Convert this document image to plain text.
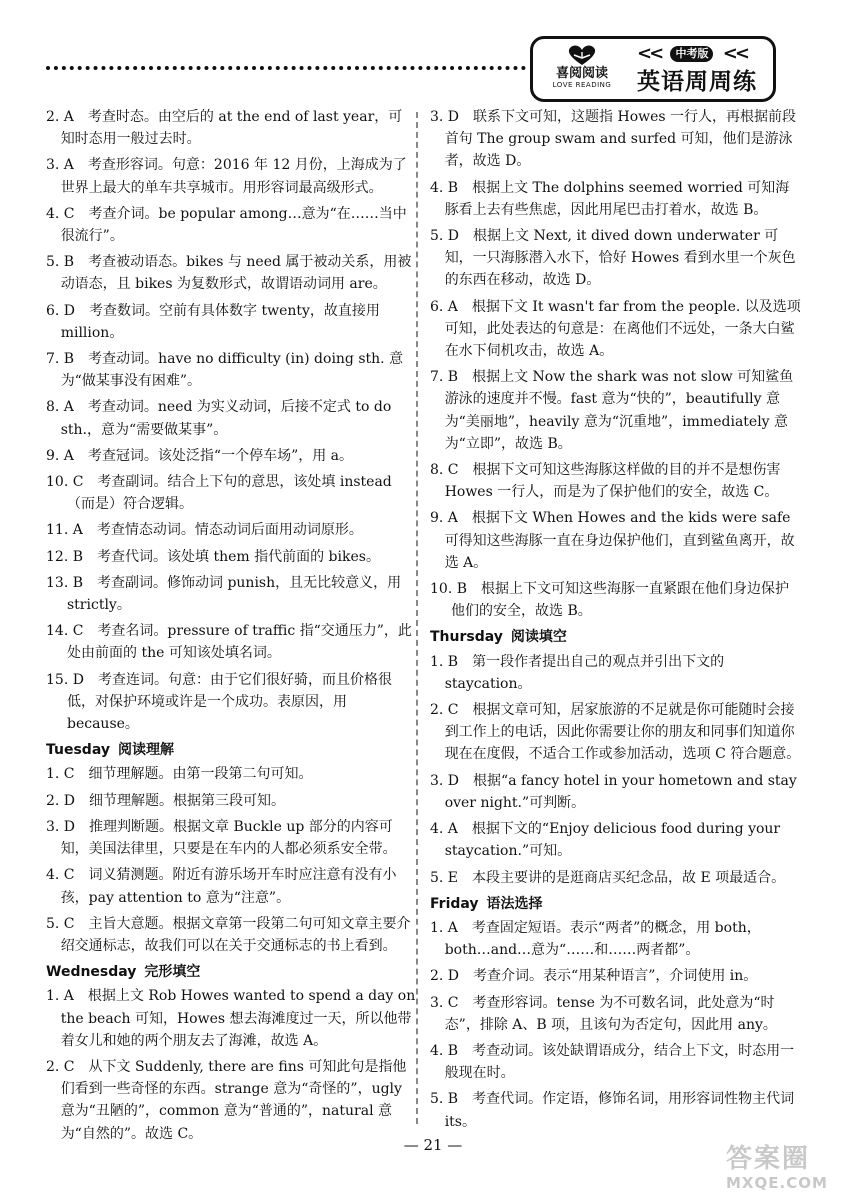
喜阅阅读
LOVE READING
<< 中考版 <<
英语周周练
2. A　考查时态。由空后的 at the end of last year，可知时态用一般过去时。
3. A　考查形容词。句意：2016 年 12 月份，上海成为了世界上最大的单车共享城市。用形容词最高级形式。
4. C　考查介词。be popular among…意为“在……当中很流行”。
5. B　考查被动语态。bikes 与 need 属于被动关系，用被动语态，且 bikes 为复数形式，故谓语动词用 are。
6. D　考查数词。空前有具体数字 twenty，故直接用 million。
7. B　考查动词。have no difficulty (in) doing sth. 意为“做某事没有困难”。
8. A　考查动词。need 为实义动词，后接不定式 to do sth.，意为“需要做某事”。
9. A　考查冠词。该处泛指“一个停车场”，用 a。
10. C　考查副词。结合上下句的意思，该处填 instead（而是）符合逻辑。
11. A　考查情态动词。情态动词后面用动词原形。
12. B　考查代词。该处填 them 指代前面的 bikes。
13. B　考查副词。修饰动词 punish，且无比较意义，用 strictly。
14. C　考查名词。pressure of traffic 指“交通压力”，此处由前面的 the 可知该处填名词。
15. D　考查连词。句意：由于它们很好骑，而且价格很低，对保护环境或许是一个成功。表原因，用 because。
Tuesday 阅读理解
1. C　细节理解题。由第一段第二句可知。
2. D　细节理解题。根据第三段可知。
3. D　推理判断题。根据文章 Buckle up 部分的内容可知，美国法律里，只要是在车内的人都必须系安全带。
4. C　词义猜测题。附近有游乐场开车时应注意有没有小孩，pay attention to 意为“注意”。
5. C　主旨大意题。根据文章第一段第二句可知文章主要介绍交通标志，故我们可以在关于交通标志的书上看到。
Wednesday 完形填空
1. A　根据上文 Rob Howes wanted to spend a day on the beach 可知，Howes 想去海滩度过一天，所以他带着女儿和她的两个朋友去了海滩，故选 A。
2. C　从下文 Suddenly, there are fins 可知此句是指他们看到一些奇怪的东西。strange 意为“奇怪的”，ugly 意为“丑陋的”，common 意为“普通的”，natural 意为“自然的”。故选 C。
3. D　联系下文可知，这题指 Howes 一行人，再根据前段首句 The group swam and surfed 可知，他们是游泳者，故选 D。
4. B　根据上文 The dolphins seemed worried 可知海豚看上去有些焦虑，因此用尾巴击打着水，故选 B。
5. D　根据上文 Next, it dived down underwater 可知，一只海豚潜入水下，恰好 Howes 看到水里一个灰色的东西在移动，故选 D。
6. A　根据下文 It wasn't far from the people. 以及选项可知，此处表达的句意是：在离他们不远处，一条大白鲨在水下伺机攻击，故选 A。
7. B　根据上文 Now the shark was not slow 可知鲨鱼游泳的速度并不慢。fast 意为“快的”，beautifully 意为“美丽地”，heavily 意为“沉重地”，immediately 意为“立即”，故选 B。
8. C　根据下文可知这些海豚这样做的目的并不是想伤害 Howes 一行人，而是为了保护他们的安全，故选 C。
9. A　根据下文 When Howes and the kids were safe 可得知这些海豚一直在身边保护他们，直到鲨鱼离开，故选 A。
10. B　根据上下文可知这些海豚一直紧跟在他们身边保护他们的安全，故选 B。
Thursday 阅读填空
1. B　第一段作者提出自己的观点并引出下文的 staycation。
2. C　根据文章可知，居家旅游的不足就是你可能随时会接到工作上的电话，因此你需要让你的朋友和同事们知道你现在在度假，不适合工作或参加活动，选项 C 符合题意。
3. D　根据“a fancy hotel in your hometown and stay over night.”可判断。
4. A　根据下文的“Enjoy delicious food during your staycation.”可知。
5. E　本段主要讲的是逛商店买纪念品，故 E 项最适合。
Friday 语法选择
1. A　考查固定短语。表示“两者”的概念，用 both，both…and…意为“……和……两者都”。
2. D　考查介词。表示“用某种语言”，介词使用 in。
3. C　考查形容词。tense 为不可数名词，此处意为“时态”，排除 A、B 项，且该句为否定句，因此用 any。
4. B　考查动词。该处缺谓语成分，结合上下文，时态用一般现在时。
5. B　考查代词。作定语，修饰名词，用形容词性物主代词 its。
— 21 —	答案圈
MXQE.COM
